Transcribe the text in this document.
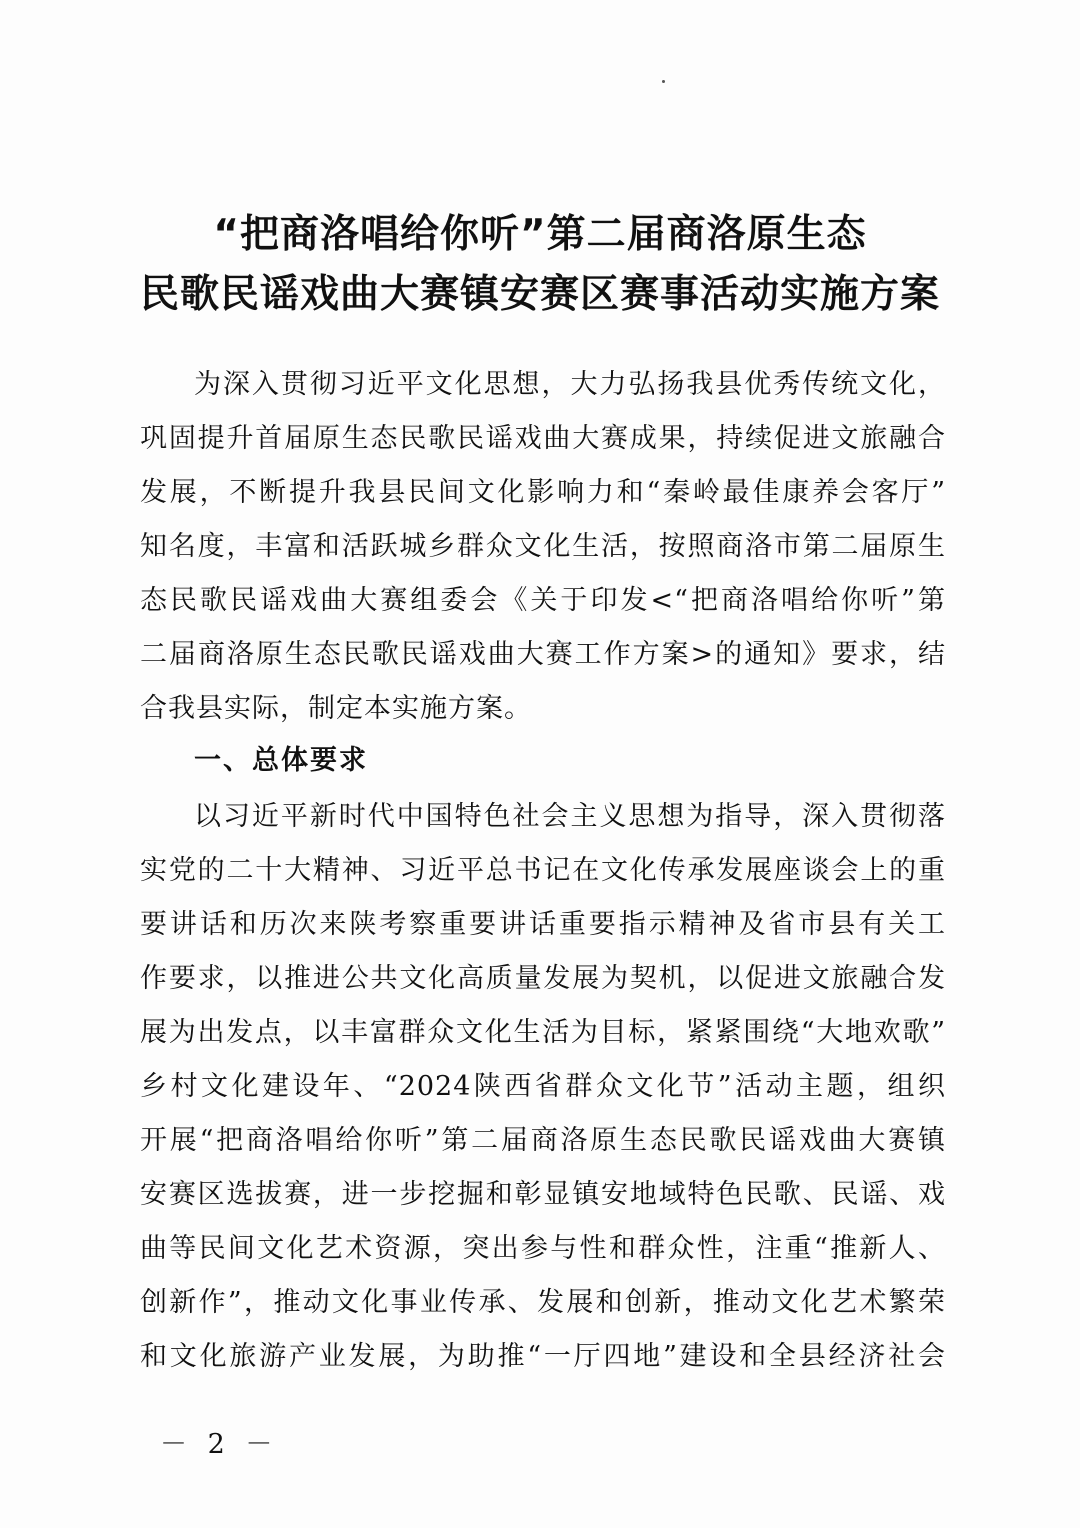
“把商洛唱给你听”第二届商洛原生态
民歌民谣戏曲大赛镇安赛区赛事活动实施方案
为深入贯彻习近平文化思想，大力弘扬我县优秀传统文化，
巩固提升首届原生态民歌民谣戏曲大赛成果，持续促进文旅融合
发展，不断提升我县民间文化影响力和“秦岭最佳康养会客厅”
知名度，丰富和活跃城乡群众文化生活，按照商洛市第二届原生
态民歌民谣戏曲大赛组委会《关于印发<“把商洛唱给你听”第
二届商洛原生态民歌民谣戏曲大赛工作方案>的通知》要求，结
合我县实际，制定本实施方案。
一、总体要求
以习近平新时代中国特色社会主义思想为指导，深入贯彻落
实党的二十大精神、习近平总书记在文化传承发展座谈会上的重
要讲话和历次来陕考察重要讲话重要指示精神及省市县有关工
作要求，以推进公共文化高质量发展为契机，以促进文旅融合发
展为出发点，以丰富群众文化生活为目标，紧紧围绕“大地欢歌”
乡村文化建设年、“2024陕西省群众文化节”活动主题，组织
开展“把商洛唱给你听”第二届商洛原生态民歌民谣戏曲大赛镇
安赛区选拔赛，进一步挖掘和彰显镇安地域特色民歌、民谣、戏
曲等民间文化艺术资源，突出参与性和群众性，注重“推新人、
创新作”，推动文化事业传承、发展和创新，推动文化艺术繁荣
和文化旅游产业发展，为助推“一厅四地”建设和全县经济社会
－ 2 －
